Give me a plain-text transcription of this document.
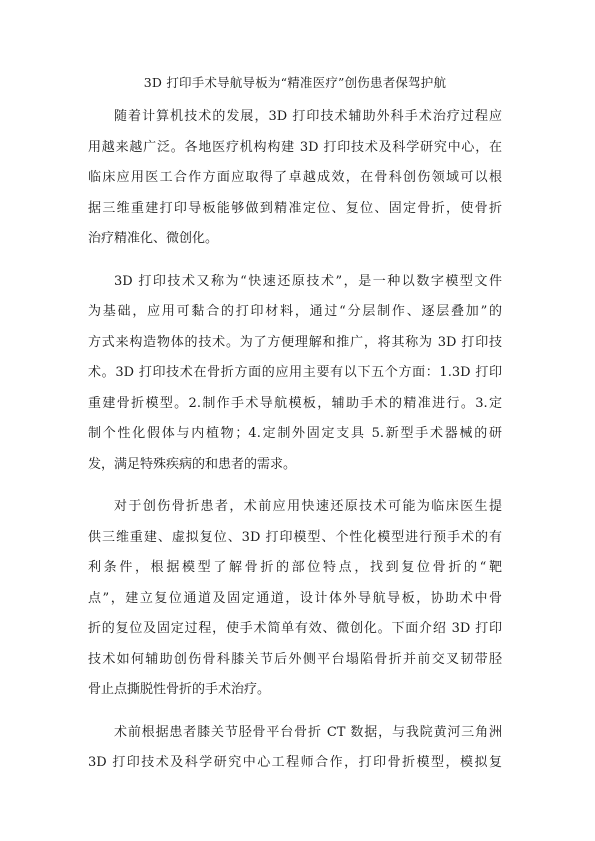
3D 打印手术导航导板为“精准医疗”创伤患者保驾护航
随着计算机技术的发展，3D 打印技术辅助外科手术治疗过程应
用越来越广泛。各地医疗机构构建 3D 打印技术及科学研究中心，在
临床应用医工合作方面应取得了卓越成效，在骨科创伤领域可以根
据三维重建打印导板能够做到精准定位、复位、固定骨折，使骨折
治疗精准化、微创化。
3D 打印技术又称为“快速还原技术”，是一种以数字模型文件
为基础，应用可黏合的打印材料，通过“分层制作、逐层叠加”的
方式来构造物体的技术。为了方便理解和推广，将其称为 3D 打印技
术。3D 打印技术在骨折方面的应用主要有以下五个方面：1.3D 打印
重建骨折模型。2.制作手术导航模板，辅助手术的精准进行。3.定
制个性化假体与内植物；4.定制外固定支具 5.新型手术器械的研
发，满足特殊疾病的和患者的需求。
对于创伤骨折患者，术前应用快速还原技术可能为临床医生提
供三维重建、虚拟复位、3D 打印模型、个性化模型进行预手术的有
利条件，根据模型了解骨折的部位特点，找到复位骨折的“靶
点”，建立复位通道及固定通道，设计体外导航导板，协助术中骨
折的复位及固定过程，使手术简单有效、微创化。下面介绍 3D 打印
技术如何辅助创伤骨科膝关节后外侧平台塌陷骨折并前交叉韧带胫
骨止点撕脱性骨折的手术治疗。
术前根据患者膝关节胫骨平台骨折 CT 数据，与我院黄河三角洲
3D 打印技术及科学研究中心工程师合作，打印骨折模型，模拟复
